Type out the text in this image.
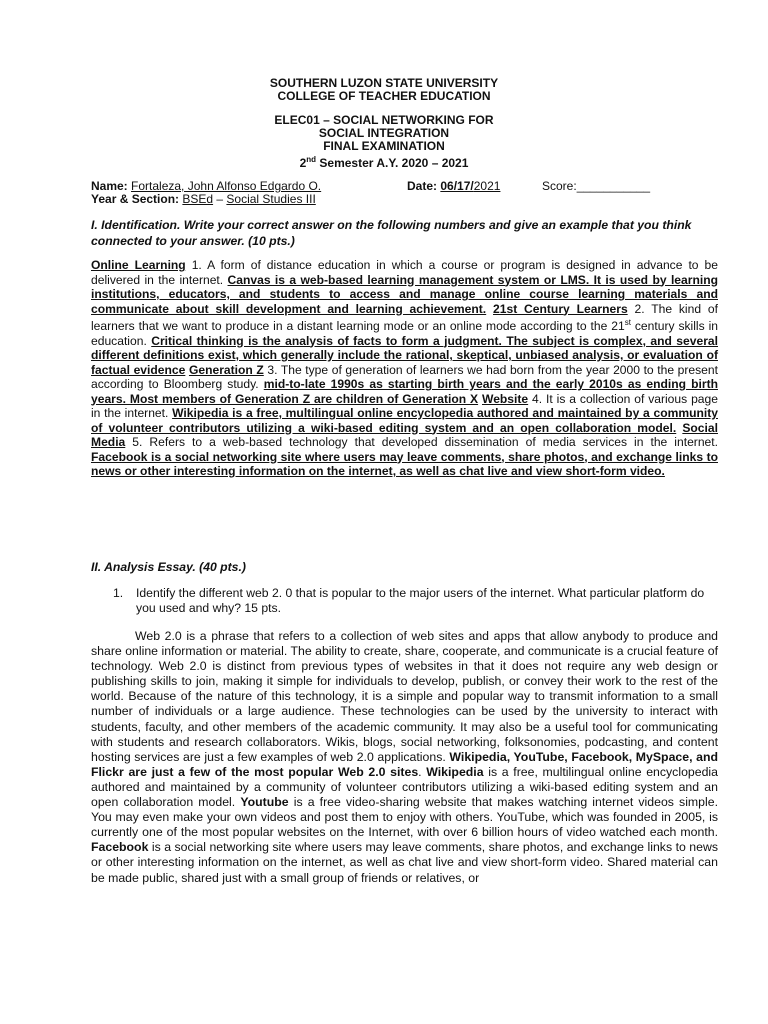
SOUTHERN LUZON STATE UNIVERSITY
COLLEGE OF TEACHER EDUCATION
ELEC01 – SOCIAL NETWORKING FOR
SOCIAL INTEGRATION
FINAL EXAMINATION
2nd Semester A.Y. 2020 – 2021
Name: Fortaleza, John Alfonso Edgardo O.	Date: 06/17/2021	Score:___________
Year & Section: BSEd – Social Studies III
I. Identification. Write your correct answer on the following numbers and give an example that you think connected to your answer. (10 pts.)
Online Learning 1. A form of distance education in which a course or program is designed in advance to be delivered in the internet. Canvas is a web-based learning management system or LMS. It is used by learning institutions, educators, and students to access and manage online course learning materials and communicate about skill development and learning achievement. 21st Century Learners 2. The kind of learners that we want to produce in a distant learning mode or an online mode according to the 21st century skills in education. Critical thinking is the analysis of facts to form a judgment. The subject is complex, and several different definitions exist, which generally include the rational, skeptical, unbiased analysis, or evaluation of factual evidence Generation Z 3. The type of generation of learners we had born from the year 2000 to the present according to Bloomberg study. mid-to-late 1990s as starting birth years and the early 2010s as ending birth years. Most members of Generation Z are children of Generation X Website 4. It is a collection of various page in the internet. Wikipedia is a free, multilingual online encyclopedia authored and maintained by a community of volunteer contributors utilizing a wiki-based editing system and an open collaboration model. Social Media 5. Refers to a web-based technology that developed dissemination of media services in the internet. Facebook is a social networking site where users may leave comments, share photos, and exchange links to news or other interesting information on the internet, as well as chat live and view short-form video.
II. Analysis Essay. (40 pts.)
1. Identify the different web 2. 0 that is popular to the major users of the internet. What particular platform do you used and why? 15 pts.
Web 2.0 is a phrase that refers to a collection of web sites and apps that allow anybody to produce and share online information or material. The ability to create, share, cooperate, and communicate is a crucial feature of technology. Web 2.0 is distinct from previous types of websites in that it does not require any web design or publishing skills to join, making it simple for individuals to develop, publish, or convey their work to the rest of the world. Because of the nature of this technology, it is a simple and popular way to transmit information to a small number of individuals or a large audience. These technologies can be used by the university to interact with students, faculty, and other members of the academic community. It may also be a useful tool for communicating with students and research collaborators. Wikis, blogs, social networking, folksonomies, podcasting, and content hosting services are just a few examples of web 2.0 applications. Wikipedia, YouTube, Facebook, MySpace, and Flickr are just a few of the most popular Web 2.0 sites. Wikipedia is a free, multilingual online encyclopedia authored and maintained by a community of volunteer contributors utilizing a wiki-based editing system and an open collaboration model. Youtube is a free video-sharing website that makes watching internet videos simple. You may even make your own videos and post them to enjoy with others. YouTube, which was founded in 2005, is currently one of the most popular websites on the Internet, with over 6 billion hours of video watched each month. Facebook is a social networking site where users may leave comments, share photos, and exchange links to news or other interesting information on the internet, as well as chat live and view short-form video. Shared material can be made public, shared just with a small group of friends or relatives, or
